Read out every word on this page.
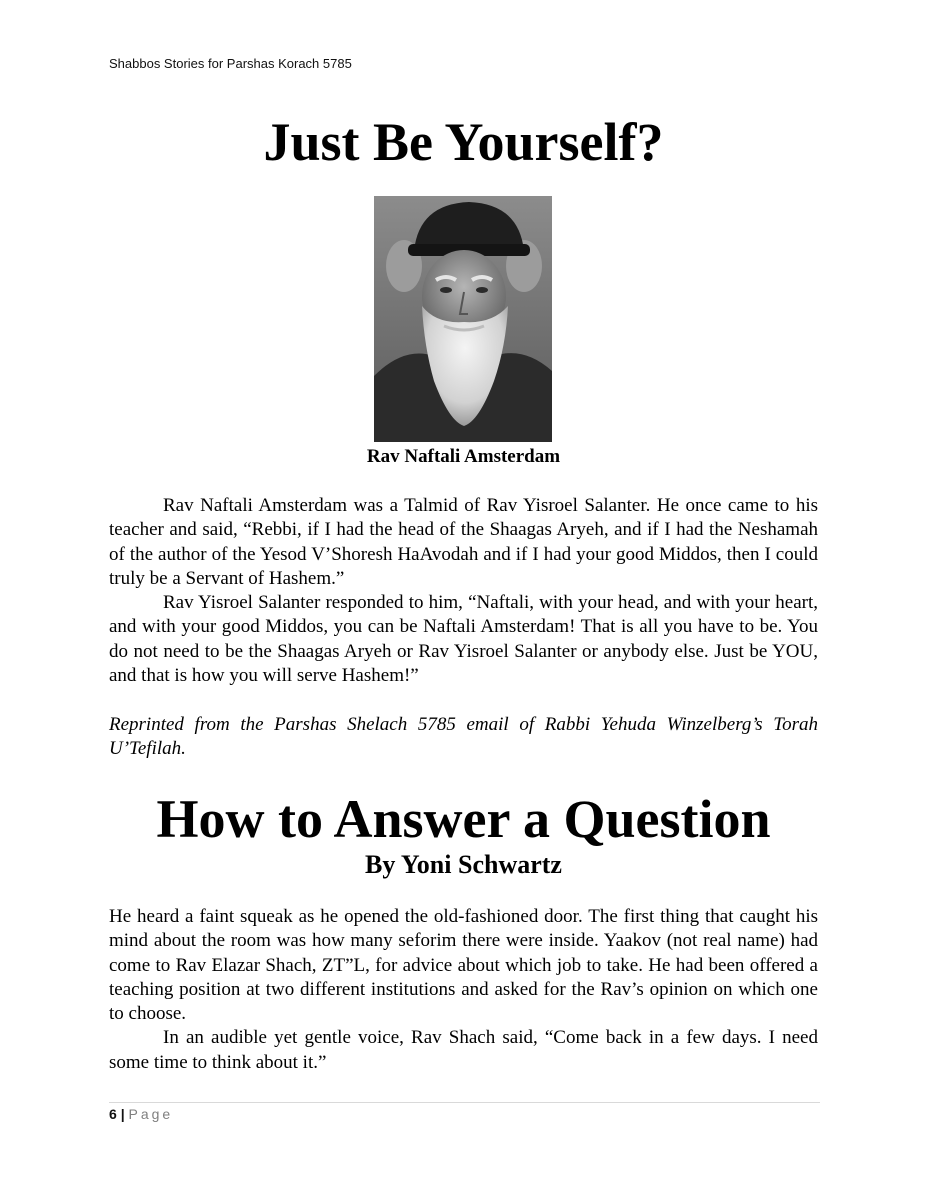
Shabbos Stories for Parshas Korach 5785
Just Be Yourself?
Rav Naftali Amsterdam

Rav Naftali Amsterdam was a Talmid of Rav Yisroel Salanter. He once came to his teacher and said, “Rebbi, if I had the head of the Shaagas Aryeh, and if I had the Neshamah of the author of the Yesod V’Shoresh HaAvodah and if I had your good Middos, then I could truly be a Servant of Hashem.”

Rav Yisroel Salanter responded to him, “Naftali, with your head, and with your heart, and with your good Middos, you can be Naftali Amsterdam! That is all you have to be. You do not need to be the Shaagas Aryeh or Rav Yisroel Salanter or anybody else. Just be YOU, and that is how you will serve Hashem!”

Reprinted from the Parshas Shelach 5785 email of Rabbi Yehuda Winzelberg’s Torah U’Tefilah.

How to Answer a Question
By Yoni Schwartz

He heard a faint squeak as he opened the old-fashioned door. The first thing that caught his mind about the room was how many seforim there were inside. Yaakov (not real name) had come to Rav Elazar Shach, ZT”L, for advice about which job to take. He had been offered a teaching position at two different institutions and asked for the Rav’s opinion on which one to choose.

In an audible yet gentle voice, Rav Shach said, “Come back in a few days. I need some time to think about it.”

6 | Page
